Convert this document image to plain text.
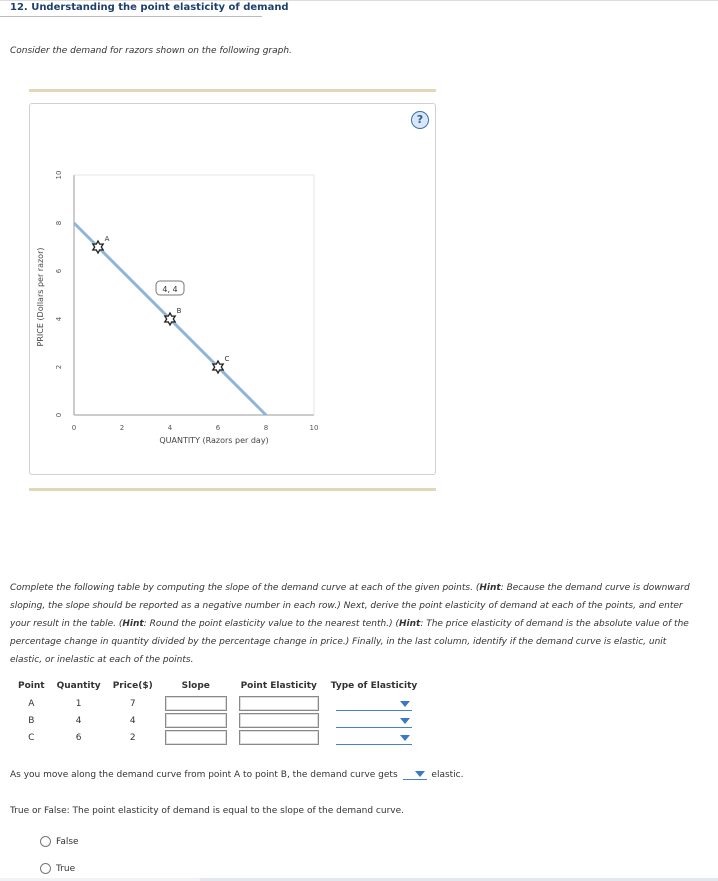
12. Understanding the point elasticity of demand
Consider the demand for razors shown on the following graph.
?
0	2	4	6	8	10
0
2
4
6
8
10
QUANTITY (Razors per day)
PRICE (Dollars per razor)	4, 4
A
B
C
Complete the following table by computing the slope of the demand curve at each of the given points. (Hint: Because the demand curve is downward sloping, the slope should be reported as a negative number in each row.) Next, derive the point elasticity of demand at each of the points, and enter your result in the table. (Hint: Round the point elasticity value to the nearest tenth.) (Hint: The price elasticity of demand is the absolute value of the percentage change in quantity divided by the percentage change in price.) Finally, in the last column, identify if the demand curve is elastic, unit elastic, or inelastic at each of the points.
Point	Quantity	Price($)	Slope	Point Elasticity	Type of Elasticity
A	1	7			

B	4	4			

C	6	2			
As you move along the demand curve from point A to point B, the demand curve gets	elastic.
True or False: The point elasticity of demand is equal to the slope of the demand curve.
False
True
